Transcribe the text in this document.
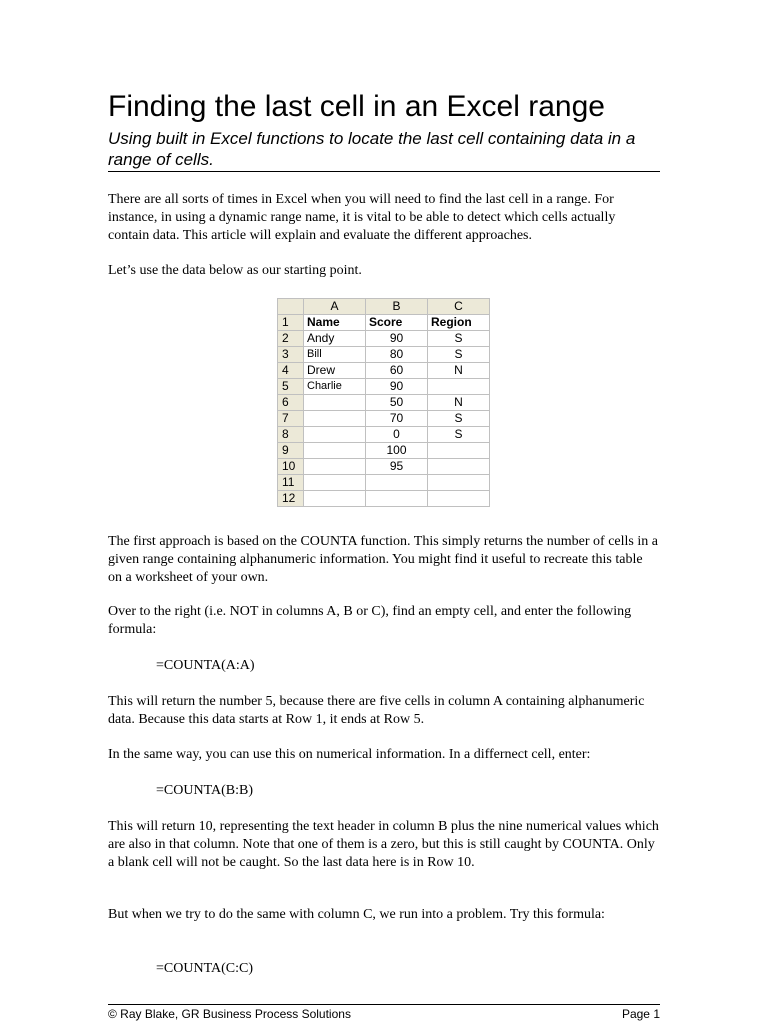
Finding the last cell in an Excel range

Using built in Excel functions to locate the last cell containing data in a range of cells.

There are all sorts of times in Excel when you will need to find the last cell in a range. For instance, in using a dynamic range name, it is vital to be able to detect which cells actually contain data. This article will explain and evaluate the different approaches.

Let’s use the data below as our starting point.

	A	B	C
1	Name	Score	Region
2	Andy	90	S
3	Bill	80	S
4	Drew	60	N
5	Charlie	90	
6		50	N
7		70	S
8		0	S
9		100	
10		95	
11			
12			

The first approach is based on the COUNTA function. This simply returns the number of cells in a given range containing alphanumeric information. You might find it useful to recreate this table on a worksheet of your own.

Over to the right (i.e. NOT in columns A, B or C), find an empty cell, and enter the following formula:

=COUNTA(A:A)

This will return the number 5, because there are five cells in column A containing alphanumeric data. Because this data starts at Row 1, it ends at Row 5.

In the same way, you can use this on numerical information. In a differnect cell, enter:

=COUNTA(B:B)

This will return 10, representing the text header in column B plus the nine numerical values which are also in that column. Note that one of them is a zero, but this is still caught by COUNTA. Only a blank cell will not be caught. So the last data here is in Row 10.

But when we try to do the same with column C, we run into a problem. Try this formula:

=COUNTA(C:C)

© Ray Blake, GR Business Process Solutions	Page 1
